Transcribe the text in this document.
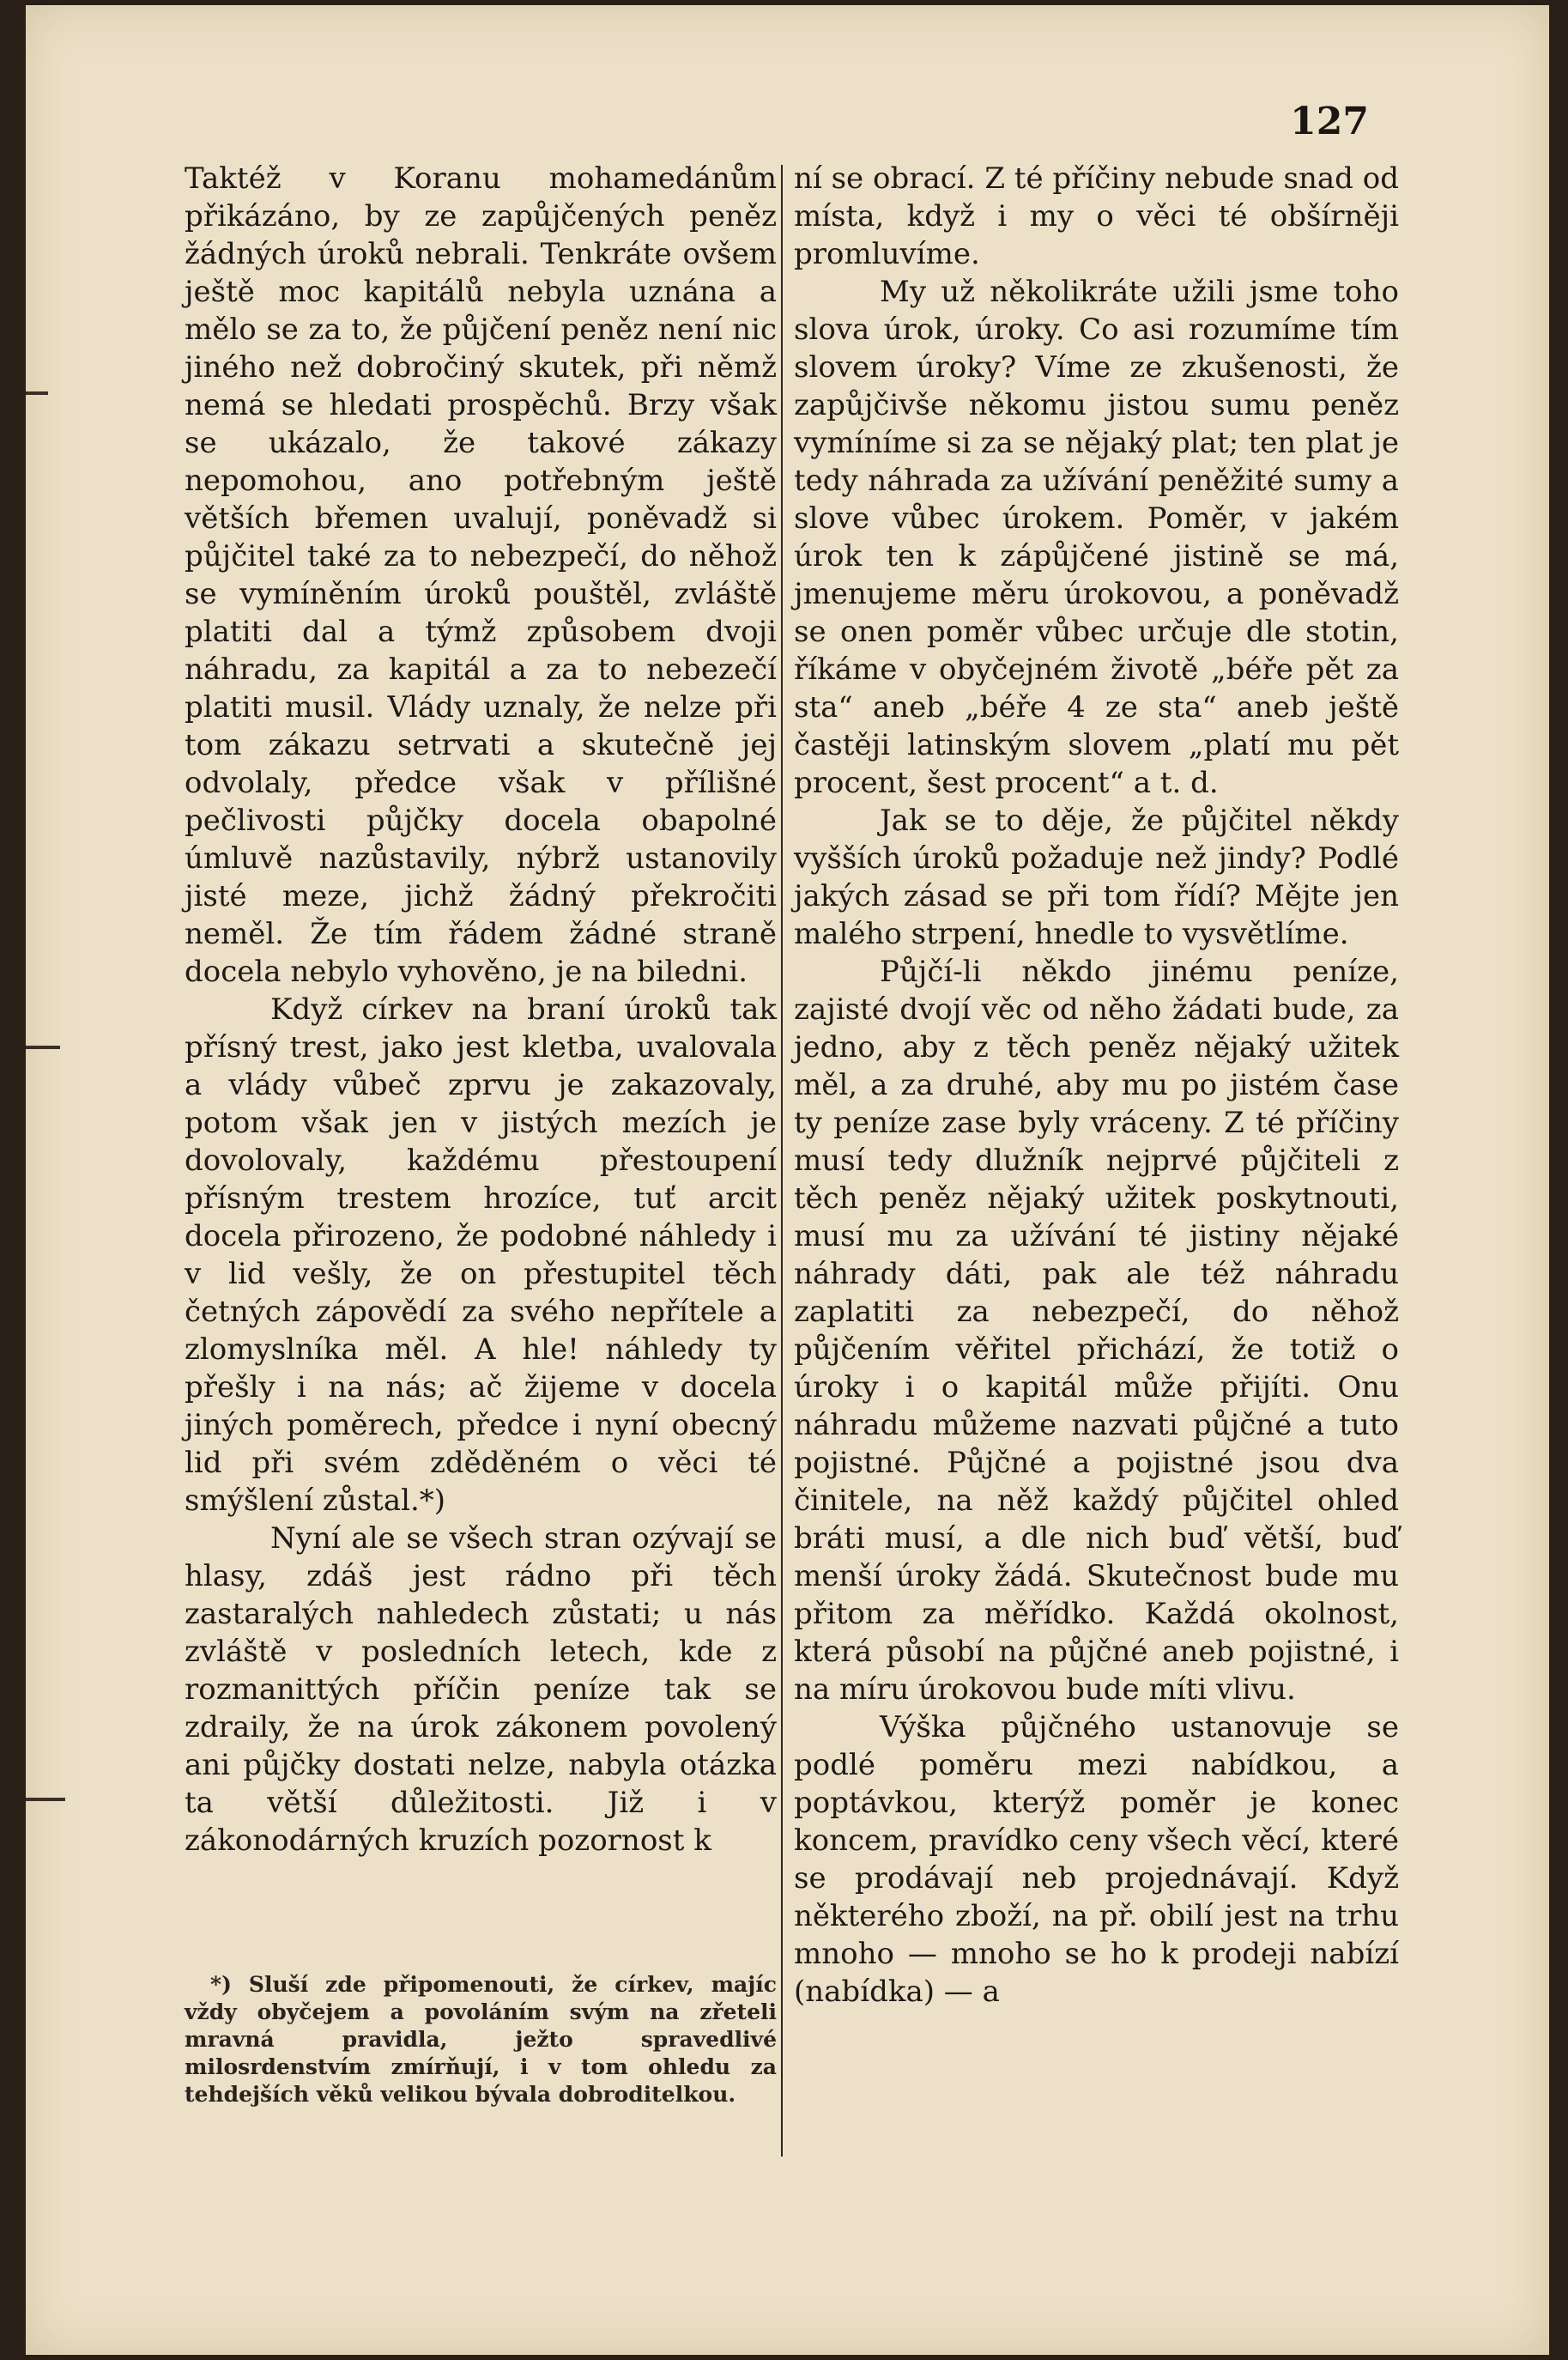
127

Taktéž v Koranu mohamedánům přikázáno, by ze zapůjčených peněz žádných úroků nebrali. Tenkráte ovšem ještě moc kapitálů nebyla uznána a mělo se za to, že půjčení peněz není nic jiného než dobročiný skutek, při němž nemá se hledati prospěchů. Brzy však se ukázalo, že takové zákazy nepomohou, ano potřebným ještě větších břemen uvalují, poněvadž si půjčitel také za to nebezpečí, do něhož se vymíněním úroků pouštěl, zvláště platiti dal a týmž způsobem dvoji náhradu, za kapitál a za to nebezečí platiti musil. Vlády uznaly, že nelze při tom zákazu setrvati a skutečně jej odvolaly, předce však v přílišné pečlivosti půjčky docela obapolné úmluvě nazůstavily, nýbrž ustanovily jisté meze, jichž žádný překročiti neměl. Že tím řádem žádné straně docela nebylo vyhověno, je na biledni.

Když církev na braní úroků tak přísný trest, jako jest kletba, uvalovala a vlády vůbeč zprvu je zakazovaly, potom však jen v jistých mezích je dovolovaly, každému přestoupení přísným trestem hrozíce, tuť arcit docela přirozeno, že podobné náhledy i v lid vešly, že on přestupitel těch četných zápovědí za svého nepřítele a zlomyslníka měl. A hle! náhledy ty přešly i na nás; ač žijeme v docela jiných poměrech, předce i nyní obecný lid při svém zděděném o věci té smýšlení zůstal.*)

Nyní ale se všech stran ozývají se hlasy, zdáš jest rádno při těch zastaralých nahledech zůstati; u nás zvláště v posledních letech, kde z rozmanittých příčin peníze tak se zdraily, že na úrok zákonem povolený ani půjčky dostati nelze, nabyla otázka ta větší důležitosti. Již i v zákonodárných kruzích pozornost k

*) Sluší zde připomenouti, že církev, majíc vždy obyčejem a povoláním svým na zřeteli mravná pravidla, ježto spravedlivé milosrdenstvím zmírňují, i v tom ohledu za tehdejších věků velikou bývala dobroditelkou.

ní se obrací. Z té příčiny nebude snad od místa, když i my o věci té obšírněji promluvíme.

My už několikráte užili jsme toho slova úrok, úroky. Co asi rozumíme tím slovem úroky? Víme ze zkušenosti, že zapůjčivše někomu jistou sumu peněz vymíníme si za se nějaký plat; ten plat je tedy náhrada za užívání peněžité sumy a slove vůbec úrokem. Poměr, v jakém úrok ten k zápůjčené jistině se má, jmenujeme měru úrokovou, a poněvadž se onen poměr vůbec určuje dle stotin, říkáme v obyčejném životě „béře pět za sta“ aneb „béře 4 ze sta“ aneb ještě častěji latinským slovem „platí mu pět procent, šest procent“ a t. d.

Jak se to děje, že půjčitel někdy vyšších úroků požaduje než jindy? Podlé jakých zásad se při tom řídí? Mějte jen malého strpení, hnedle to vysvětlíme.

Půjčí-li někdo jinému peníze, zajisté dvojí věc od něho žádati bude, za jedno, aby z těch peněz nějaký užitek měl, a za druhé, aby mu po jistém čase ty peníze zase byly vráceny. Z té příčiny musí tedy dlužník nejprvé půjčiteli z těch peněz nějaký užitek poskytnouti, musí mu za užívání té jistiny nějaké náhrady dáti, pak ale též náhradu zaplatiti za nebezpečí, do něhož půjčením věřitel přichází, že totiž o úroky i o kapitál může přijíti. Onu náhradu můžeme nazvati půjčné a tuto pojistné. Půjčné a pojistné jsou dva činitele, na něž každý půjčitel ohled bráti musí, a dle nich buď větší, buď menší úroky žádá. Skutečnost bude mu přitom za měřídko. Každá okolnost, která působí na půjčné aneb pojistné, i na míru úrokovou bude míti vlivu.

Výška půjčného ustanovuje se podlé poměru mezi nabídkou, a poptávkou, kterýž poměr je konec koncem, pravídko ceny všech věcí, které se prodávají neb projednávají. Když některého zboží, na př. obilí jest na trhu mnoho — mnoho se ho k prodeji nabízí (nabídka) — a
